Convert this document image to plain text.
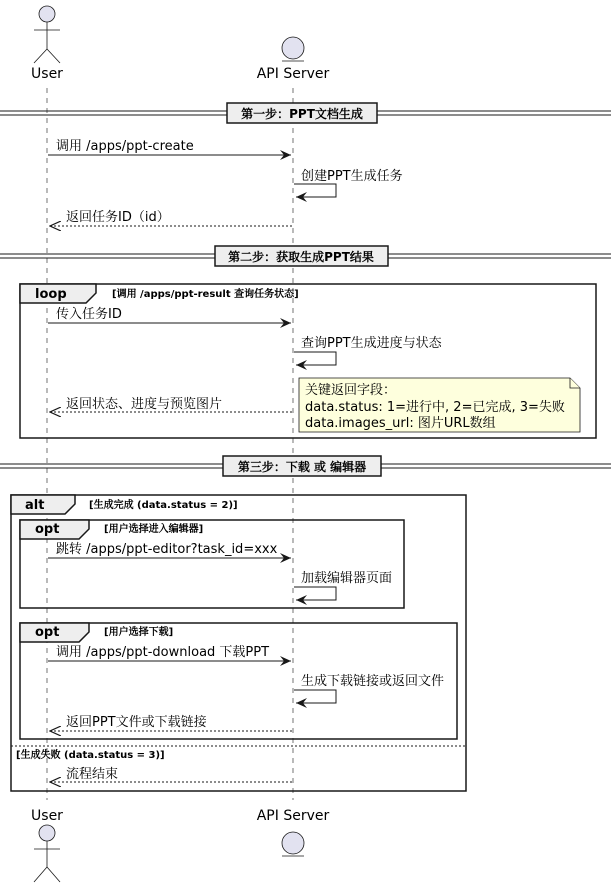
User	API Server
第一步：PPT文档生成
调用 /apps/ppt-create
创建PPT生成任务
返回任务ID（id）
第二步：获取生成PPT结果
loop	[调用 /apps/ppt-result 查询任务状态]
传入任务ID
查询PPT生成进度与状态
返回状态、进度与预览图片
关键返回字段：
data.status: 1=进行中, 2=已完成, 3=失败
data.images_url: 图片URL数组
第三步：下载 或 编辑器
alt	[生成完成 (data.status = 2)]
[生成失败 (data.status = 3)]
opt	[用户选择进入编辑器]
跳转 /apps/ppt-editor?task_id=xxx
加载编辑器页面
opt	[用户选择下载]
调用 /apps/ppt-download 下载PPT
生成下载链接或返回文件
返回PPT文件或下载链接
流程结束
User	API Server
